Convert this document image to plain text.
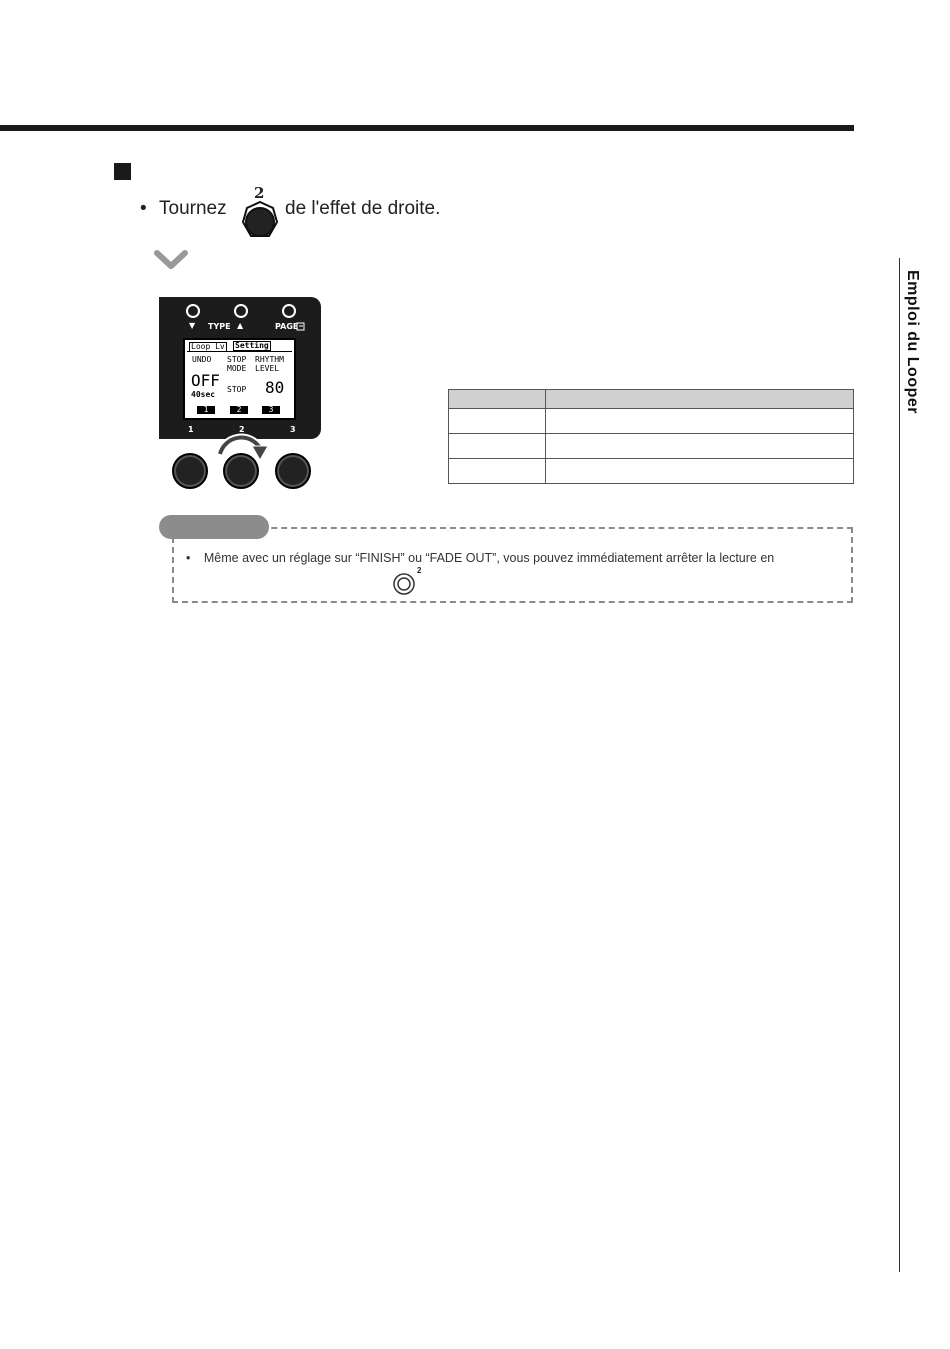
• Tournez	de l'effet de droite.
2
▼ TYPE ▲	PAGE
Loop Lv Setting
UNDO STOP
MODE
RHYTHM
LEVEL
OFF
40sec
STOP 80
1	2	3
1	2	3

• Même avec un réglage sur “FINISH” ou “FADE OUT”, vous pouvez immédiatement arrêter la lecture en
2
Emploi du Looper
